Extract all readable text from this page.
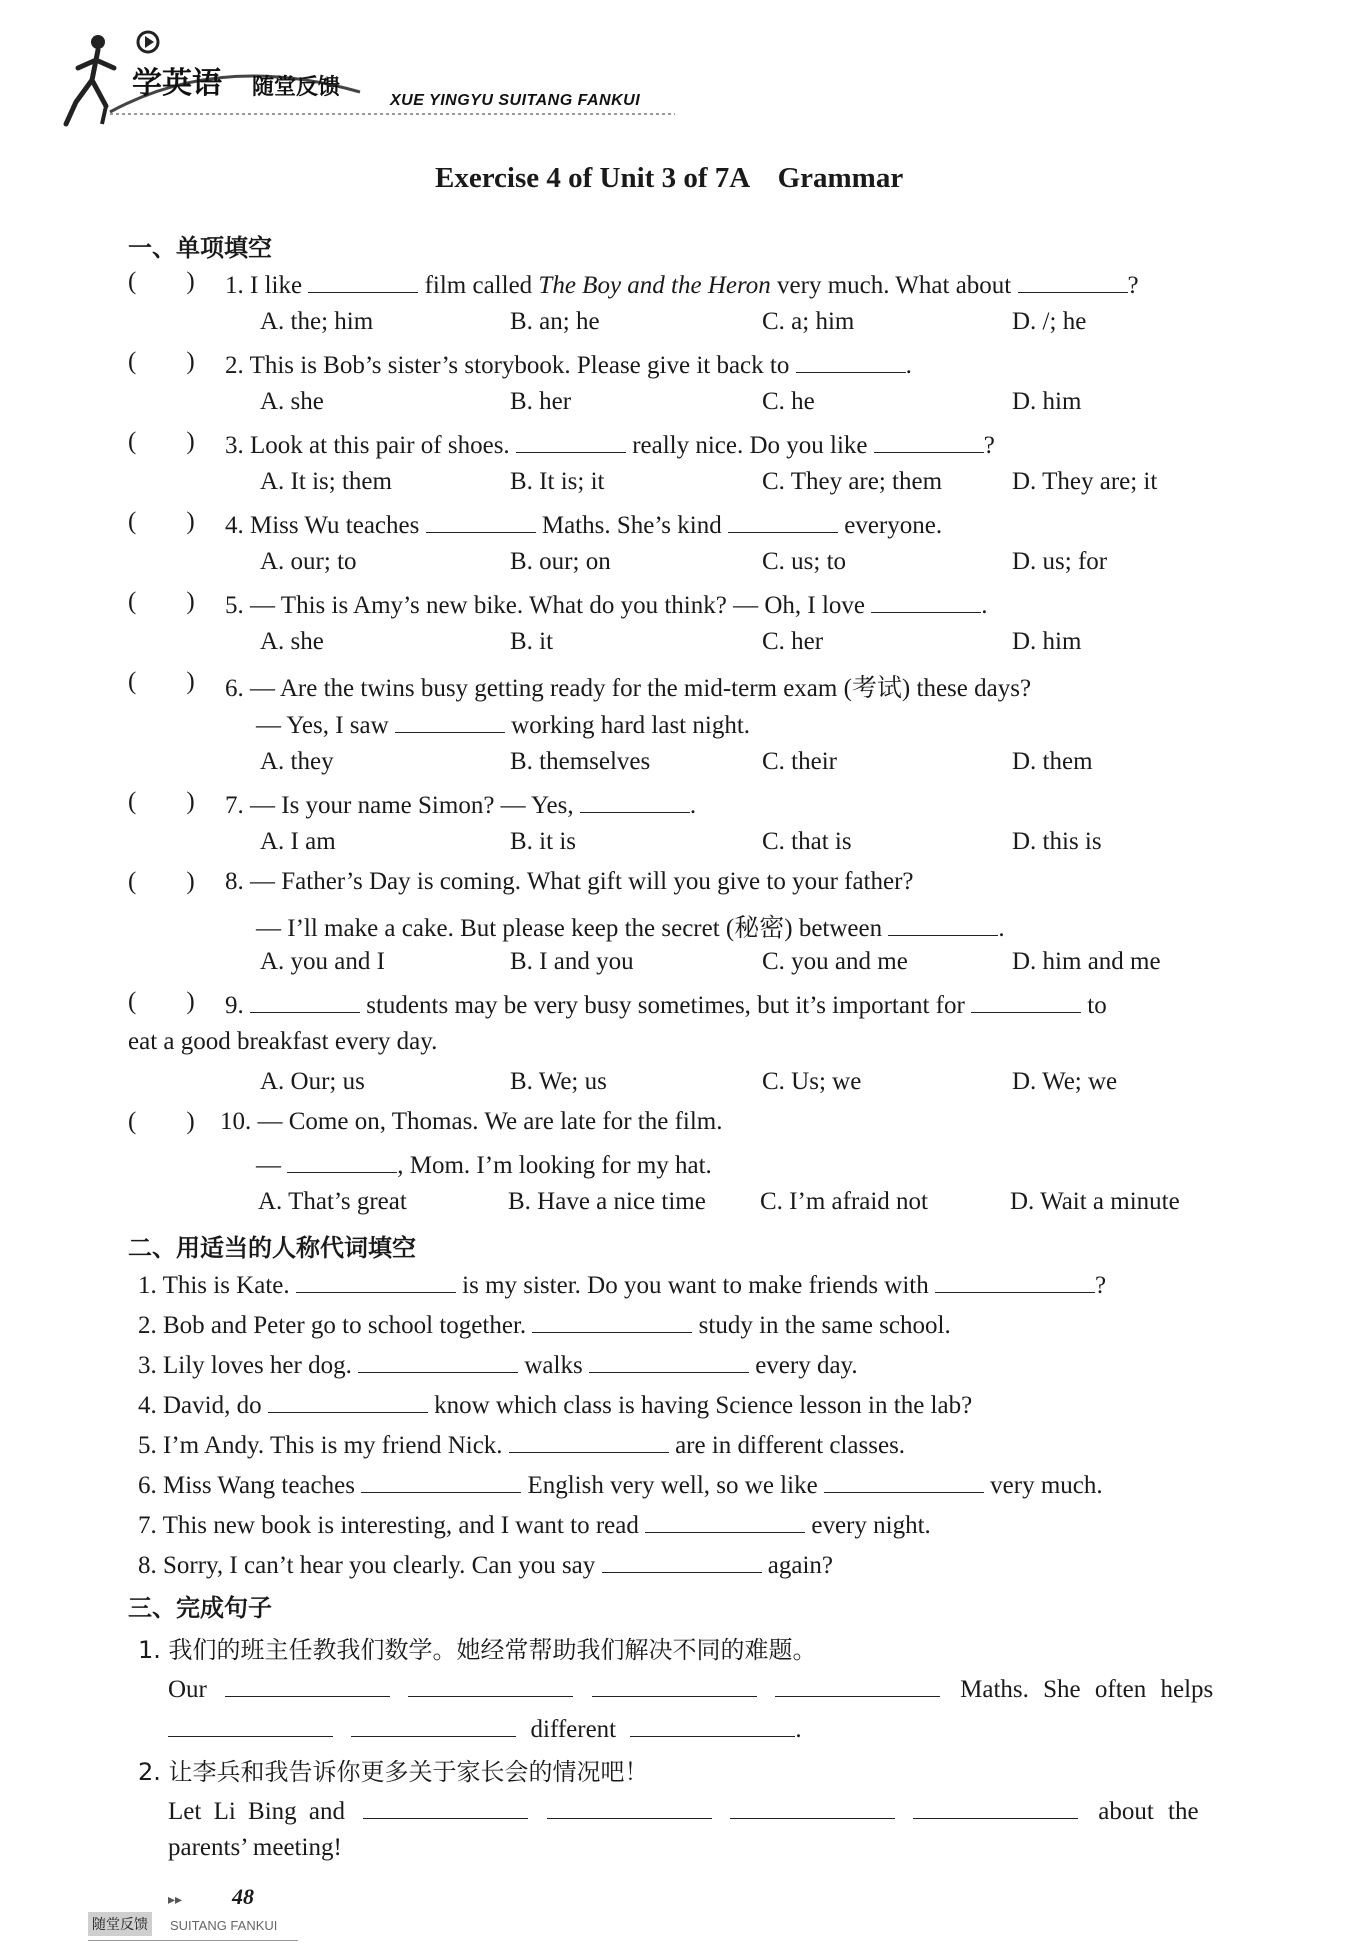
学英语 随堂反馈
XUE YINGYU SUITANG FANKUI
Exercise 4 of Unit 3 of 7A    Grammar
一、单项填空
(        ) 1. I like	film called The Boy and the Heron very much. What about	?
A. the; him	B. an; he	C. a; him	D. /; he
(        ) 2. This is Bob’s sister’s storybook. Please give it back to	.
A. she	B. her	C. he	D. him
(        ) 3. Look at this pair of shoes.	really nice. Do you like	?
A. It is; them	B. It is; it	C. They are; them	D. They are; it
(        ) 4. Miss Wu teaches	Maths. She’s kind	everyone.
A. our; to	B. our; on	C. us; to	D. us; for
(        ) 5. — This is Amy’s new bike. What do you think? — Oh, I love	.
A. she	B. it	C. her	D. him
(        ) 6. — Are the twins busy getting ready for the mid-term exam (考试) these days?
— Yes, I saw	working hard last night.
A. they	B. themselves	C. their	D. them
(        ) 7. — Is your name Simon? — Yes,	.
A. I am	B. it is	C. that is	D. this is
(        ) 8. — Father’s Day is coming. What gift will you give to your father?
— I’ll make a cake. But please keep the secret (秘密) between	.
A. you and I	B. I and you	C. you and me	D. him and me
(        ) 9.	students may be very busy sometimes, but it’s important for	to
eat a good breakfast every day.
A. Our; us	B. We; us	C. Us; we	D. We; we
(        ) 10. — Come on, Thomas. We are late for the film.
—	, Mom. I’m looking for my hat.
A. That’s great	B. Have a nice time C. I’m afraid not	D. Wait a minute
二、用适当的人称代词填空
1. This is Kate.	is my sister. Do you want to make friends with	?
2. Bob and Peter go to school together.	study in the same school.
3. Lily loves her dog.	walks	every day.
4. David, do	know which class is having Science lesson in the lab?
5. I’m Andy. This is my friend Nick.	are in different classes.
6. Miss Wang teaches	English very well, so we like	very much.
7. This new book is interesting, and I want to read	every night.
8. Sorry, I can’t hear you clearly. Can you say	again?
三、完成句子
1. 我们的班主任教我们数学。她经常帮助我们解决不同的难题。
Our	Maths. She often helps
different	.
2. 让李兵和我告诉你更多关于家长会的情况吧！
Let Li Bing and	about the
parents’ meeting!
▸▸ 48
随堂反馈	SUITANG FANKUI
